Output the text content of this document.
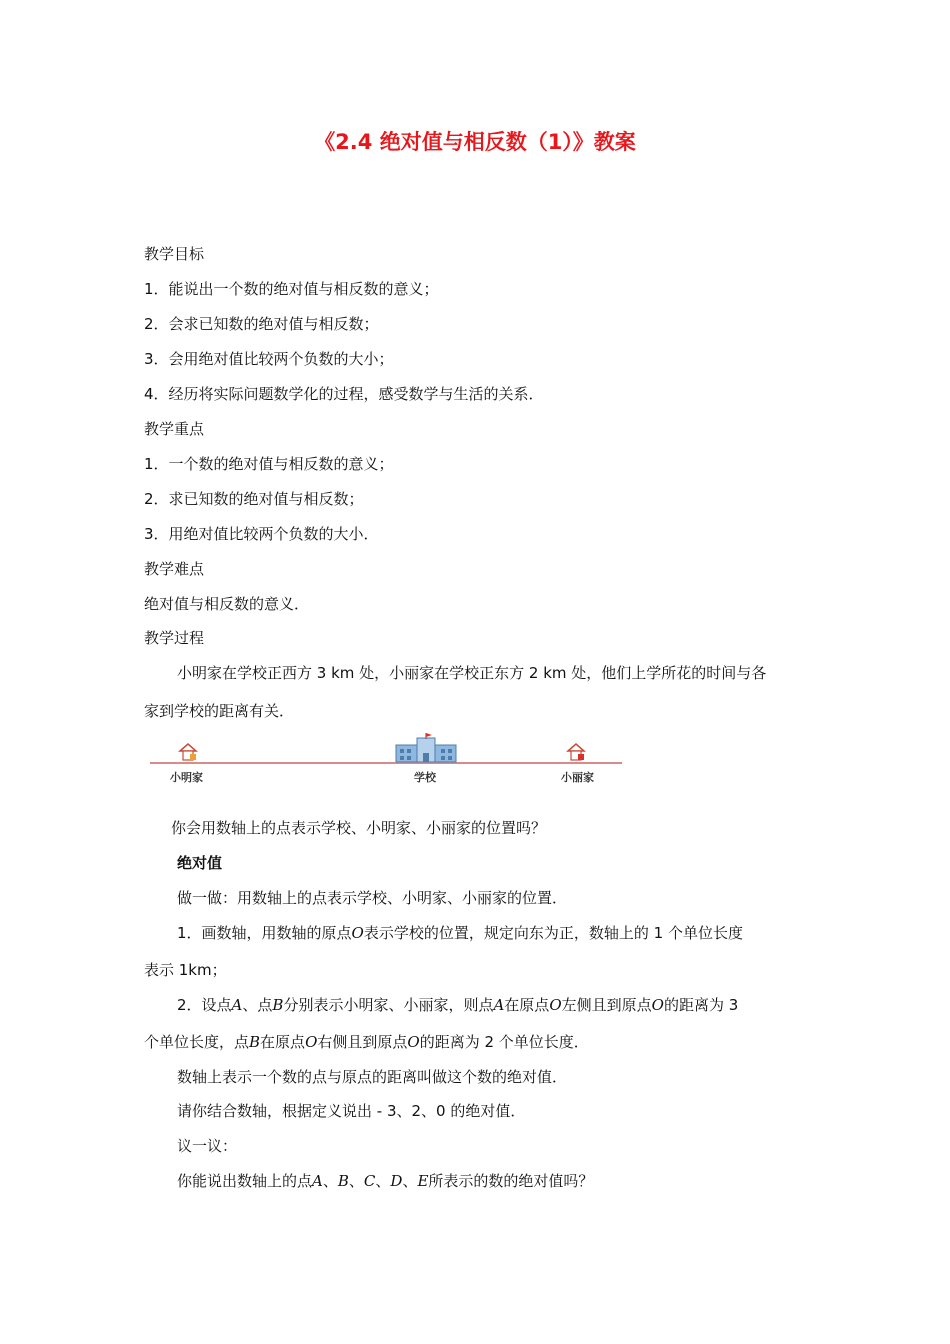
《2.4 绝对值与相反数（1）》教案
教学目标
1．能说出一个数的绝对值与相反数的意义；
2．会求已知数的绝对值与相反数；
3．会用绝对值比较两个负数的大小；
4．经历将实际问题数学化的过程，感受数学与生活的关系．
教学重点
1．一个数的绝对值与相反数的意义；
2．求已知数的绝对值与相反数；
3．用绝对值比较两个负数的大小．
教学难点
绝对值与相反数的意义．
教学过程
小明家在学校正西方 3 km 处，小丽家在学校正东方 2 km 处，他们上学所花的时间与各
家到学校的距离有关．
小明家	学校	小丽家
你会用数轴上的点表示学校、小明家、小丽家的位置吗？
绝对值
做一做：用数轴上的点表示学校、小明家、小丽家的位置．
1．画数轴，用数轴的原点O表示学校的位置，规定向东为正，数轴上的 1 个单位长度
表示 1km；
2．设点A、点B分别表示小明家、小丽家，则点A在原点O左侧且到原点O的距离为 3
个单位长度，点B在原点O右侧且到原点O的距离为 2 个单位长度．
数轴上表示一个数的点与原点的距离叫做这个数的绝对值．
请你结合数轴，根据定义说出 - 3、2、0 的绝对值．
议一议：
你能说出数轴上的点A、B、C、D、E所表示的数的绝对值吗？
